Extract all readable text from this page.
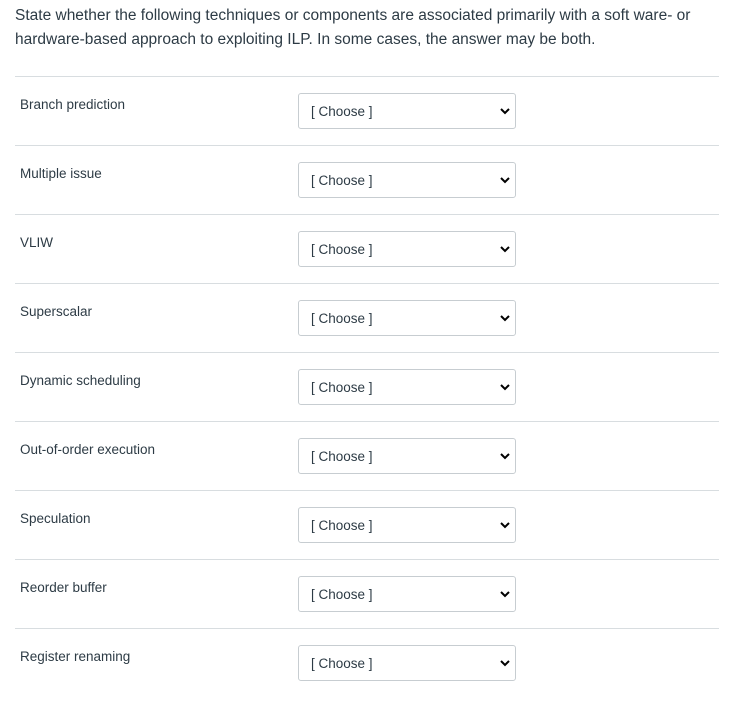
State whether the following techniques or components are associated primarily with a soft ware- or hardware-based approach to exploiting ILP. In some cases, the answer may be both.
Branch prediction	[ Choose ]
Multiple issue	[ Choose ]
VLIW	[ Choose ]
Superscalar	[ Choose ]
Dynamic scheduling	[ Choose ]
Out-of-order execution	[ Choose ]
Speculation	[ Choose ]
Reorder buffer	[ Choose ]
Register renaming	[ Choose ]
